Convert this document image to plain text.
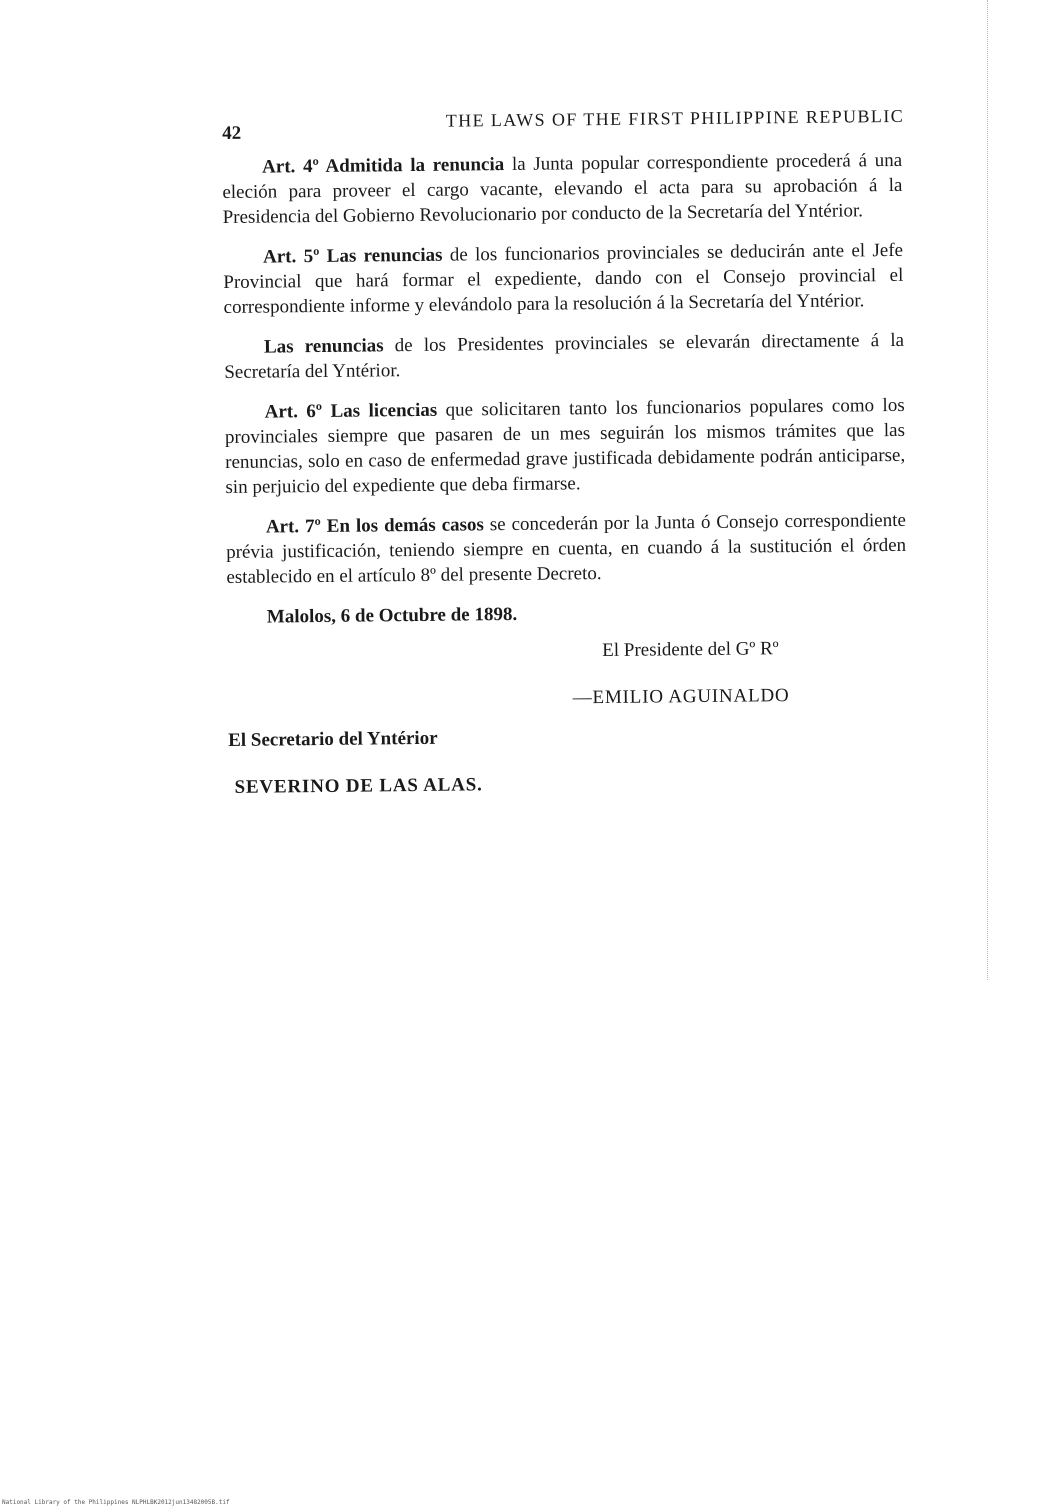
42
THE LAWS OF THE FIRST PHILIPPINE REPUBLIC

Art. 4º Admitida la renuncia la Junta popular correspondiente procederá á una eleción para proveer el cargo vacante, elevando el acta para su aprobación á la Presidencia del Gobierno Revolucionario por conducto de la Secretaría del Yntérior.

Art. 5º Las renuncias de los funcionarios provinciales se deducirán ante el Jefe Provincial que hará formar el expediente, dando con el Consejo provincial el correspondiente informe y elevándolo para la resolución á la Secretaría del Yntérior.

Las renuncias de los Presidentes provinciales se elevarán directamente á la Secretaría del Yntérior.

Art. 6º Las licencias que solicitaren tanto los funcionarios populares como los provinciales siempre que pasaren de un mes seguirán los mismos trámites que las renuncias, solo en caso de enfermedad grave justificada debidamente podrán anticiparse, sin perjuicio del expediente que deba firmarse.

Art. 7º En los demás casos se concederán por la Junta ó Consejo correspondiente prévia justificación, teniendo siempre en cuenta, en cuando á la sustitución el órden establecido en el artículo 8º del presente Decreto.

Malolos, 6 de Octubre de 1898.

El Presidente del Gº Rº

—EMILIO AGUINALDO

El Secretario del Yntérior

SEVERINO DE LAS ALAS.

National Library of the Philippines NLPHLBK2012jun13482005B.tif
